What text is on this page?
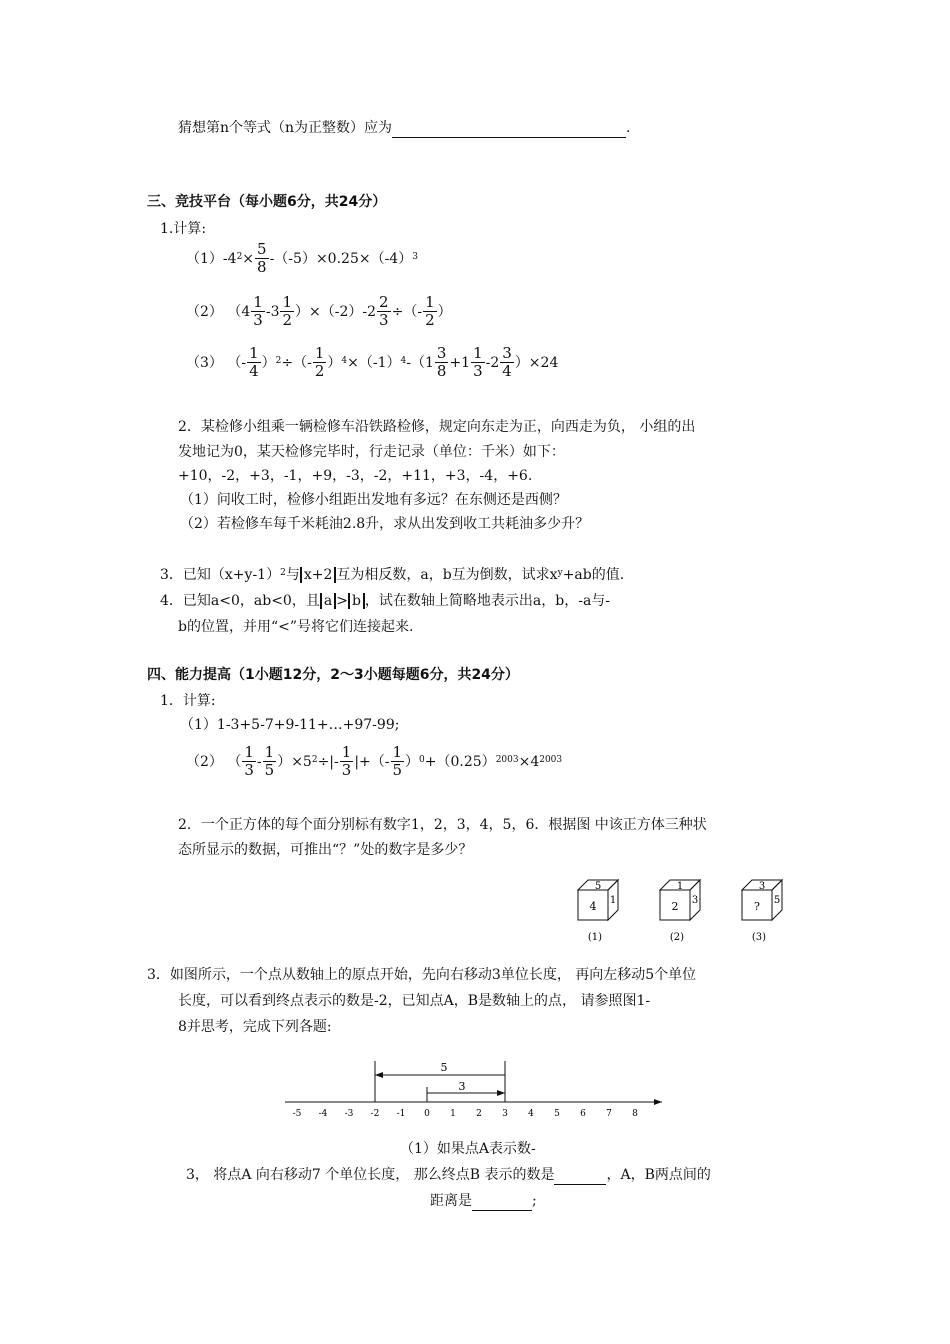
猜想第n个等式（n为正整数）应为	.
三、竞技平台（每小题6分，共24分）
1.计算:
（1） $-4^2 \times \frac{5}{8} -(-5)\times 0.25\times(-4)^3$
（2）
$(4 \frac{1}{3} -3 \frac{1}{2} )\times(-2)-2 \frac{2}{3}$ ÷（- $\frac{1}{2}$ ）
（3）
（- $\frac{1}{4} )^2$ ÷（- $\frac{1}{2} )^4 \times(-1)^4$ $-(1 \frac{3}{8} +1 \frac{1}{3} -2 \frac{3}{4} )\times 24$
2．某检修小组乘一辆检修车沿铁路检修，规定向东走为正，向西走为负， 小组的出
发地记为0，某天检修完毕时，行走记录（单位：千米）如下：
+10，-2，+3，-1，+9，-3，-2，+11，+3，-4，+6.
（1）问收工时，检修小组距出发地有多远？在东侧还是西侧？
（2）若检修车每千米耗油2.8升，求从出发到收工共耗油多少升？
3．已知$(x+y-1)^2$与 x+2 互为相反数，a，b互为倒数，试求$x^y+ab$的值.
4．已知a<0，ab<0，且 a > b ，试在数轴上简略地表示出a，b，-a与-
b的位置，并用“<”号将它们连接起来.
四、能力提高（1小题12分，2～3小题每题6分，共24分）
1．计算:
（1）1-3+5-7+9-11+…+97-99;
（2）
（ $\frac{1}{3} - \frac{1}{5} )\times 5^2$ ÷|- $\frac{1}{3}$ |+（- $\frac{1}{5} )^0 +(0.25)^{2003} \times 4^{2003}$
2．一个正方体的每个面分别标有数字1，2，3，4，5，6．根据图 中该正方体三种状
态所显示的数据，可推出“？”处的数字是多少？
5
4 1
(1)
1
2 3
(2)
3
? 5
(3)
3．如图所示，一个点从数轴上的原点开始，先向右移动3单位长度， 再向左移动5个单位
长度，可以看到终点表示的数是-2，已知点A，B是数轴上的点， 请参照图1-
8并思考，完成下列各题:
-5 -4 -3 -2 -1 0 1 2 3 4 5 6 7 8
5
3
（1）如果点A表示数-
3， 将点A 向右移动7 个单位长度， 那么终点B 表示的数是	，A，B两点间的
距离是	;
